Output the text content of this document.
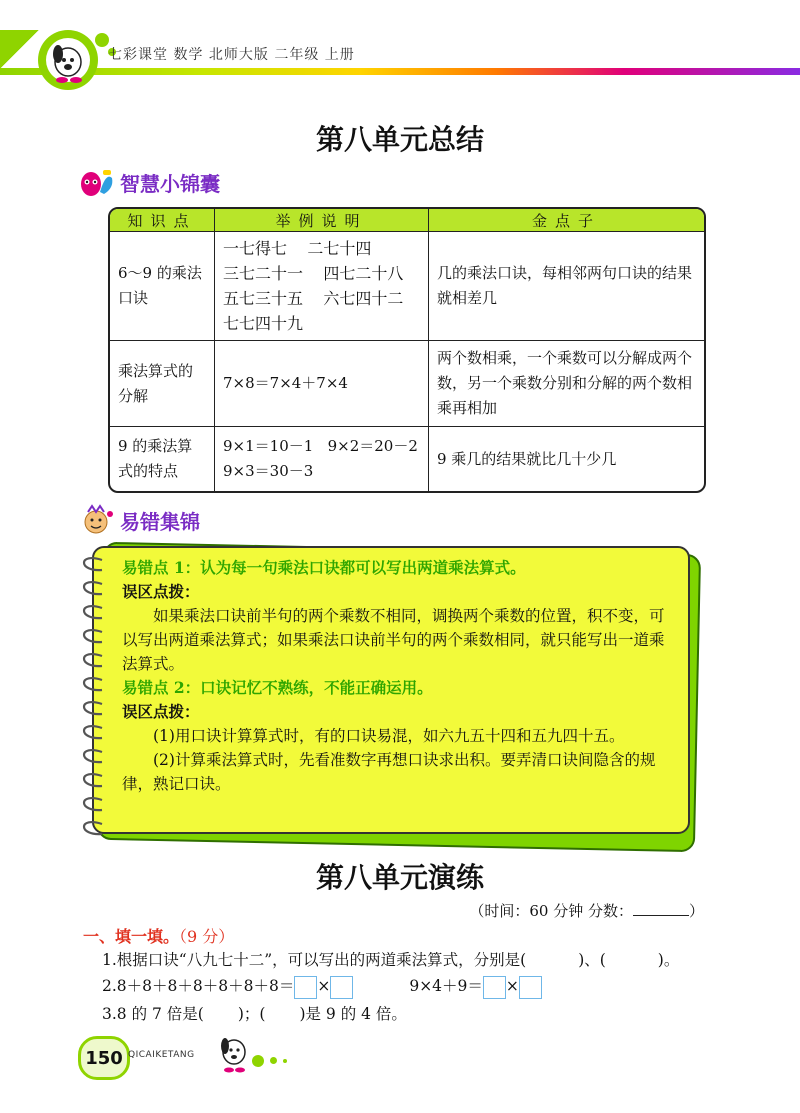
七彩课堂 数学 北师大版 二年级 上册
第八单元总结
智慧小锦囊
知识点	举例说明	金点子
6～9 的乘法口诀	一七得七    二七十四
三七二十一    四七二十八
五七三十五    六七四十二
七七四十九	几的乘法口诀，每相邻两句口诀的结果就相差几
乘法算式的分解	7×8＝7×4＋7×4	两个数相乘，一个乘数可以分解成两个数，另一个乘数分别和分解的两个数相乘再相加
9 的乘法算式的特点	9×1＝10－1   9×2＝20－2
9×3＝30－3	9 乘几的结果就比几十少几
易错集锦

易错点 1：认为每一句乘法口诀都可以写出两道乘法算式。

误区点拨：

如果乘法口诀前半句的两个乘数不相同，调换两个乘数的位置，积不变，可以写出两道乘法算式；如果乘法口诀前半句的两个乘数相同，就只能写出一道乘法算式。

易错点 2：口诀记忆不熟练，不能正确运用。

误区点拨：

(1)用口诀计算算式时，有的口诀易混，如六九五十四和五九四十五。

(2)计算乘法算式时，先看准数字再想口诀求出积。要弄清口诀间隐含的规律，熟记口诀。

第八单元演练
（时间：60 分钟 分数：	）
一、填一填。（9 分）
1.根据口诀“八九七十二”，可以写出的两道乘法算式，分别是(	)、(	)。
2.8＋8＋8＋8＋8＋8＋8＝ ×	9×4＋9＝ ×
3.8 的 7 倍是( )；( )是 9 的 4 倍。
150 QICAIKETANG
